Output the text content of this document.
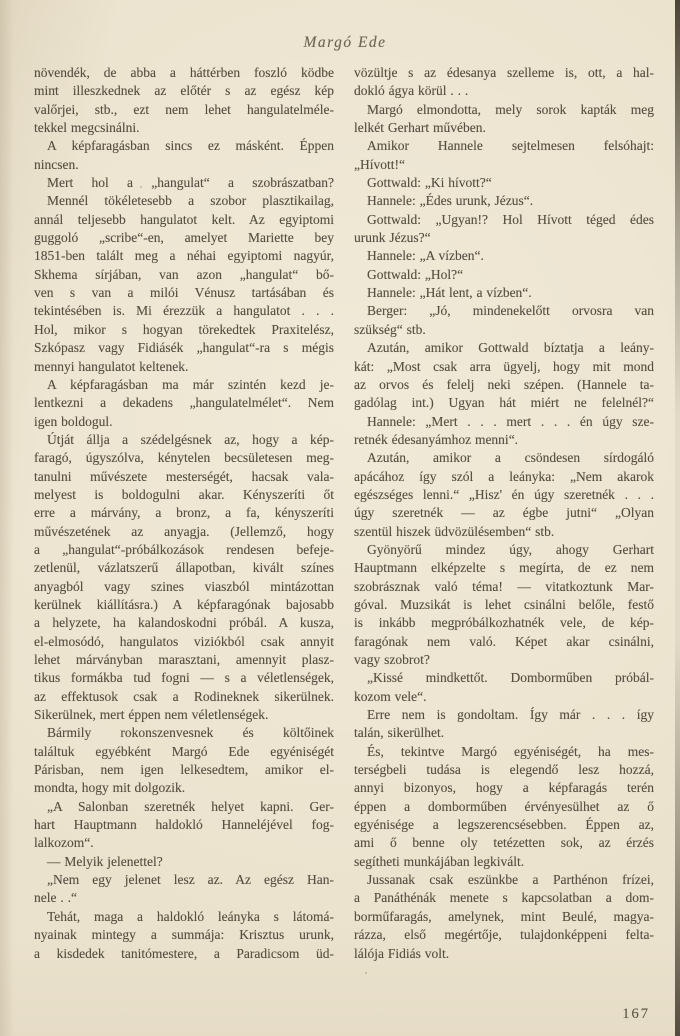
Margó Ede
növendék, de abba a háttérben foszló ködbe
mint illeszkednek az előtér s az egész kép
valőrjei, stb., ezt nem lehet hangulatelméle-
tekkel megcsinálni.
A képfaragásban sincs ez másként. Éppen
nincsen.
Mert hol a „hangulat“ a szobrászatban?
Mennél tökéletesebb a szobor plasztikailag,
annál teljesebb hangulatot kelt. Az egyiptomi
guggoló „scribe“-en, amelyet Mariette bey
1851-ben talált meg a néhai egyiptomi nagyúr,
Skhema sírjában, van azon „hangulat“ bő-
ven s van a milói Vénusz tartásában és
tekintésében is. Mi érezzük a hangulatot . . .
Hol, mikor s hogyan törekedtek Praxitelész,
Szkópasz vagy Fidiásék „hangulat“-ra s mégis
mennyi hangulatot keltenek.
A képfaragásban ma már szintén kezd je-
lentkezni a dekadens „hangulatelmélet“. Nem
igen boldogul.
Útját állja a szédelgésnek az, hogy a kép-
faragó, úgyszólva, kénytelen becsületesen meg-
tanulni művészete mesterségét, hacsak vala-
melyest is boldogulni akar. Kényszeríti őt
erre a márvány, a bronz, a fa, kényszeríti
művészetének az anyagja. (Jellemző, hogy
a „hangulat“-próbálkozások rendesen befeje-
zetlenül, vázlatszerű állapotban, kivált színes
anyagból vagy szines viaszból mintázottan
kerülnek kiállításra.) A képfaragónak bajosabb
a helyzete, ha kalandoskodni próbál. A kusza,
el-elmosódó, hangulatos viziókból csak annyit
lehet márványban marasztani, amennyit plasz-
tikus formákba tud fogni — s a véletlenségek,
az effektusok csak a Rodineknek sikerülnek.
Sikerülnek, mert éppen nem véletlenségek.
Bármily rokonszenvesnek és költőinek
találtuk egyébként Margó Ede egyéniségét
Párisban, nem igen lelkesedtem, amikor el-
mondta, hogy mit dolgozik.
„A Salonban szeretnék helyet kapni. Ger-
hart Hauptmann haldokló Hanneléjével fog-
lalkozom“.
— Melyik jelenettel?
„Nem egy jelenet lesz az. Az egész Han-
nele . .“
Tehát, maga a haldokló leányka s látomá-
nyainak mintegy a summája: Krisztus urunk,
a kisdedek tanitómestere, a Paradicsom üd-
vözültje s az édesanya szelleme is, ott, a hal-
dokló ágya körül . . .
Margó elmondotta, mely sorok kapták meg
lelkét Gerhart művében.
Amikor Hannele sejtelmesen felsóhajt:
„Hívott!“
Gottwald: „Ki hívott?“
Hannele: „Édes urunk, Jézus“.
Gottwald: „Ugyan!? Hol Hívott téged édes
urunk Jézus?“
Hannele: „A vízben“.
Gottwald: „Hol?“
Hannele: „Hát lent, a vízben“.
Berger: „Jó, mindenekelőtt orvosra van
szükség“ stb.
Azután, amikor Gottwald bíztatja a leány-
kát: „Most csak arra ügyelj, hogy mit mond
az orvos és felelj neki szépen. (Hannele ta-
gadólag int.) Ugyan hát miért ne felelnél?“
Hannele: „Mert . . . mert . . . én úgy sze-
retnék édesanyámhoz menni“.
Azután, amikor a csöndesen sírdogáló
apácához így szól a leányka: „Nem akarok
egészséges lenni.“ „Hisz' én úgy szeretnék . . .
úgy szeretnék — az égbe jutni“ „Olyan
szentül hiszek üdvözülésemben“ stb.
Gyönyörű mindez úgy, ahogy Gerhart
Hauptmann elképzelte s megírta, de ez nem
szobrásznak való téma! — vitatkoztunk Mar-
góval. Muzsikát is lehet csinálni belőle, festő
is inkább megpróbálkozhatnék vele, de kép-
faragónak nem való. Képet akar csinálni,
vagy szobrot?
„Kissé mindkettőt. Domborműben próbál-
kozom vele“.
Erre nem is gondoltam. Így már . . . így
talán, sikerülhet.
És, tekintve Margó egyéniségét, ha mes-
terségbeli tudása is elegendő lesz hozzá,
annyi bizonyos, hogy a képfaragás terén
éppen a domborműben érvényesülhet az ő
egyénisége a legszerencsésebben. Éppen az,
ami ő benne oly tetézetten sok, az érzés
segítheti munkájában legkivált.
Jussanak csak eszünkbe a Parthénon frízei,
a Panáthénák menete s kapcsolatban a dom-
borműfaragás, amelynek, mint Beulé, magya-
rázza, első megértője, tulajdonképpeni felta-
lálója Fidiás volt.
167
